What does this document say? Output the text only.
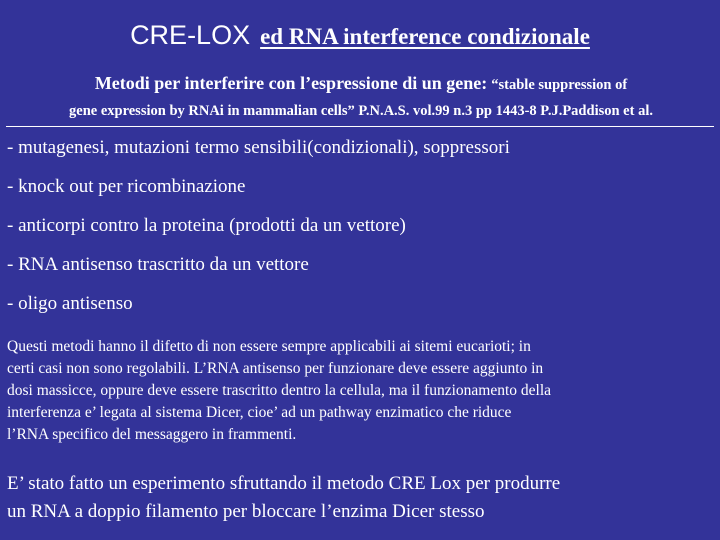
CRE-LOX ed RNA interference condizionale
Metodi per interferire con l’espressione di un gene: “stable suppression of
gene expression by RNAi in mammalian cells” P.N.A.S. vol.99 n.3 pp 1443-8 P.J.Paddison et al.
- mutagenesi, mutazioni termo sensibili(condizionali), soppressori
- knock out per ricombinazione
- anticorpi contro la proteina (prodotti da un vettore)
- RNA antisenso trascritto da un vettore
- oligo antisenso

Questi metodi hanno il difetto di non essere sempre applicabili ai sitemi eucarioti; in
certi casi non sono regolabili. L’RNA antisenso per funzionare deve essere aggiunto in
dosi massicce, oppure deve essere trascritto dentro la cellula, ma il funzionamento della
interferenza e’ legata al sistema Dicer, cioe’ ad un pathway enzimatico che riduce
l’RNA specifico del messaggero in frammenti.

E’ stato fatto un esperimento sfruttando il metodo CRE Lox per produrre
un RNA a doppio filamento per bloccare l’enzima Dicer stesso
